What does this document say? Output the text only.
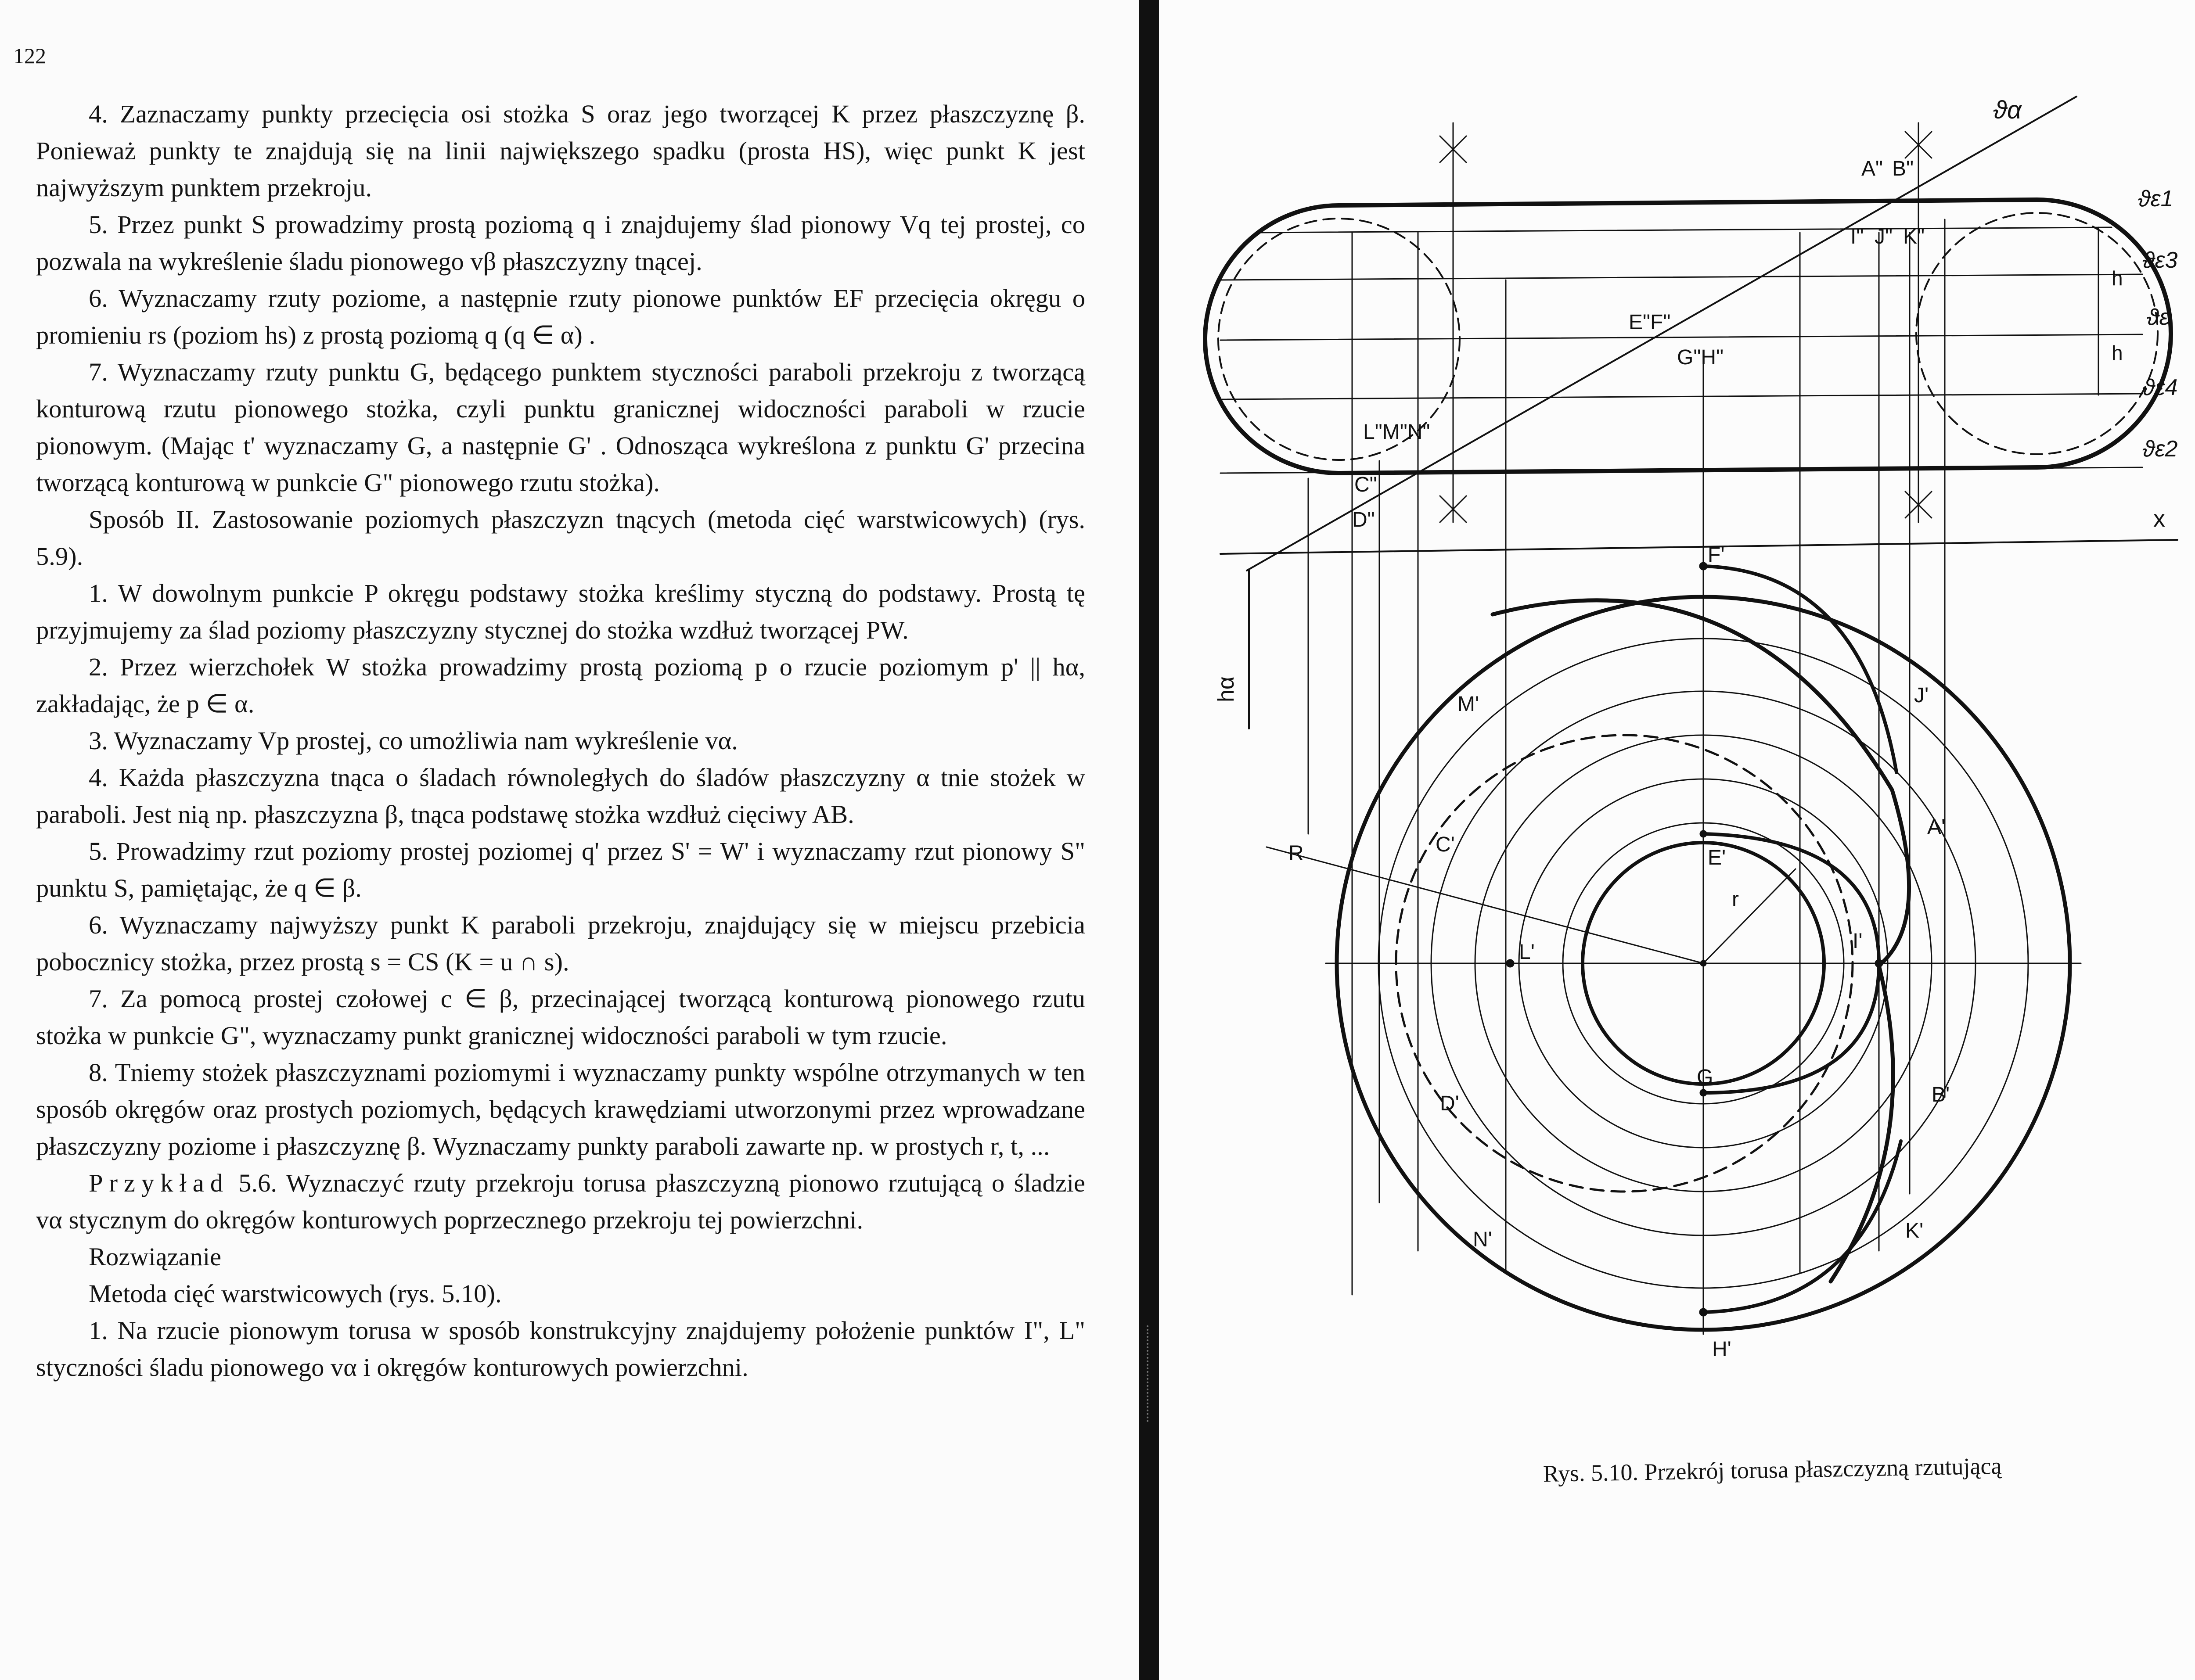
122

4. Zaznaczamy punkty przecięcia osi stożka S oraz jego tworzącej K przez płaszczyznę β. Ponieważ punkty te znajdują się na linii największego spadku (prosta HS), więc punkt K jest najwyższym punktem przekroju.

5. Przez punkt S prowadzimy prostą poziomą q i znajdujemy ślad pionowy Vq tej prostej, co pozwala na wykreślenie śladu pionowego vβ płaszczyzny tnącej.

6. Wyznaczamy rzuty poziome, a następnie rzuty pionowe punktów EF przecięcia okręgu o promieniu rs (poziom hs) z prostą poziomą q (q ∈ α) .

7. Wyznaczamy rzuty punktu G, będącego punktem styczności paraboli przekroju z tworzącą konturową rzutu pionowego stożka, czyli punktu granicznej widoczności paraboli w rzucie pionowym. (Mając t' wyznaczamy G, a następnie G' . Odnosząca wykreślona z punktu G' przecina tworzącą konturową w punkcie G" pionowego rzutu stożka).

Sposób II. Zastosowanie poziomych płaszczyzn tnących (metoda cięć warstwicowych) (rys. 5.9).

1. W dowolnym punkcie P okręgu podstawy stożka kreślimy styczną do podstawy. Prostą tę przyjmujemy za ślad poziomy płaszczyzny stycznej do stożka wzdłuż tworzącej PW.

2. Przez wierzchołek W stożka prowadzimy prostą poziomą p o rzucie poziomym p' || hα, zakładając, że p ∈ α.

3. Wyznaczamy Vp prostej, co umożliwia nam wykreślenie vα.

4. Każda płaszczyzna tnąca o śladach równoległych do śladów płaszczyzny α tnie stożek w paraboli. Jest nią np. płaszczyzna β, tnąca podstawę stożka wzdłuż cięciwy AB.

5. Prowadzimy rzut poziomy prostej poziomej q' przez S' = W' i wyznaczamy rzut pionowy S" punktu S, pamiętając, że q ∈ β.

6. Wyznaczamy najwyższy punkt K paraboli przekroju, znajdujący się w miejscu przebicia pobocznicy stożka, przez prostą s = CS (K = u ∩ s).

7. Za pomocą prostej czołowej c ∈ β, przecinającej tworzącą konturową pionowego rzutu stożka w punkcie G", wyznaczamy punkt granicznej widoczności paraboli w tym rzucie.

8. Tniemy stożek płaszczyznami poziomymi i wyznaczamy punkty wspólne otrzymanych w ten sposób okręgów oraz prostych poziomych, będących krawędziami utworzonymi przez wprowadzane płaszczyzny poziome i płaszczyznę β. Wyznaczamy punkty paraboli zawarte np. w prostych r, t, ...

Przykład 5.6. Wyznaczyć rzuty przekroju torusa płaszczyzną pionowo rzutującą o śladzie vα stycznym do okręgów konturowych poprzecznego przekroju tej powierzchni.

Rozwiązanie

Metoda cięć warstwicowych (rys. 5.10).

1. Na rzucie pionowym torusa w sposób konstrukcyjny znajdujemy położenie punktów I", L" styczności śladu pionowego vα i okręgów konturowych powierzchni.

ϑα
ϑε1
ϑε3
ϑε
ϑε4
ϑε2
x
h
h
hα
A" B"
I" J" K"
E"F"
G"H"
L"M"N"
C"
D"
F'
M'	J'
C'
A'
E'
R
r
I'
L'
G
D'	B'
N'	K'
H'
Rys. 5.10. Przekrój torusa płaszczyzną rzutującą
